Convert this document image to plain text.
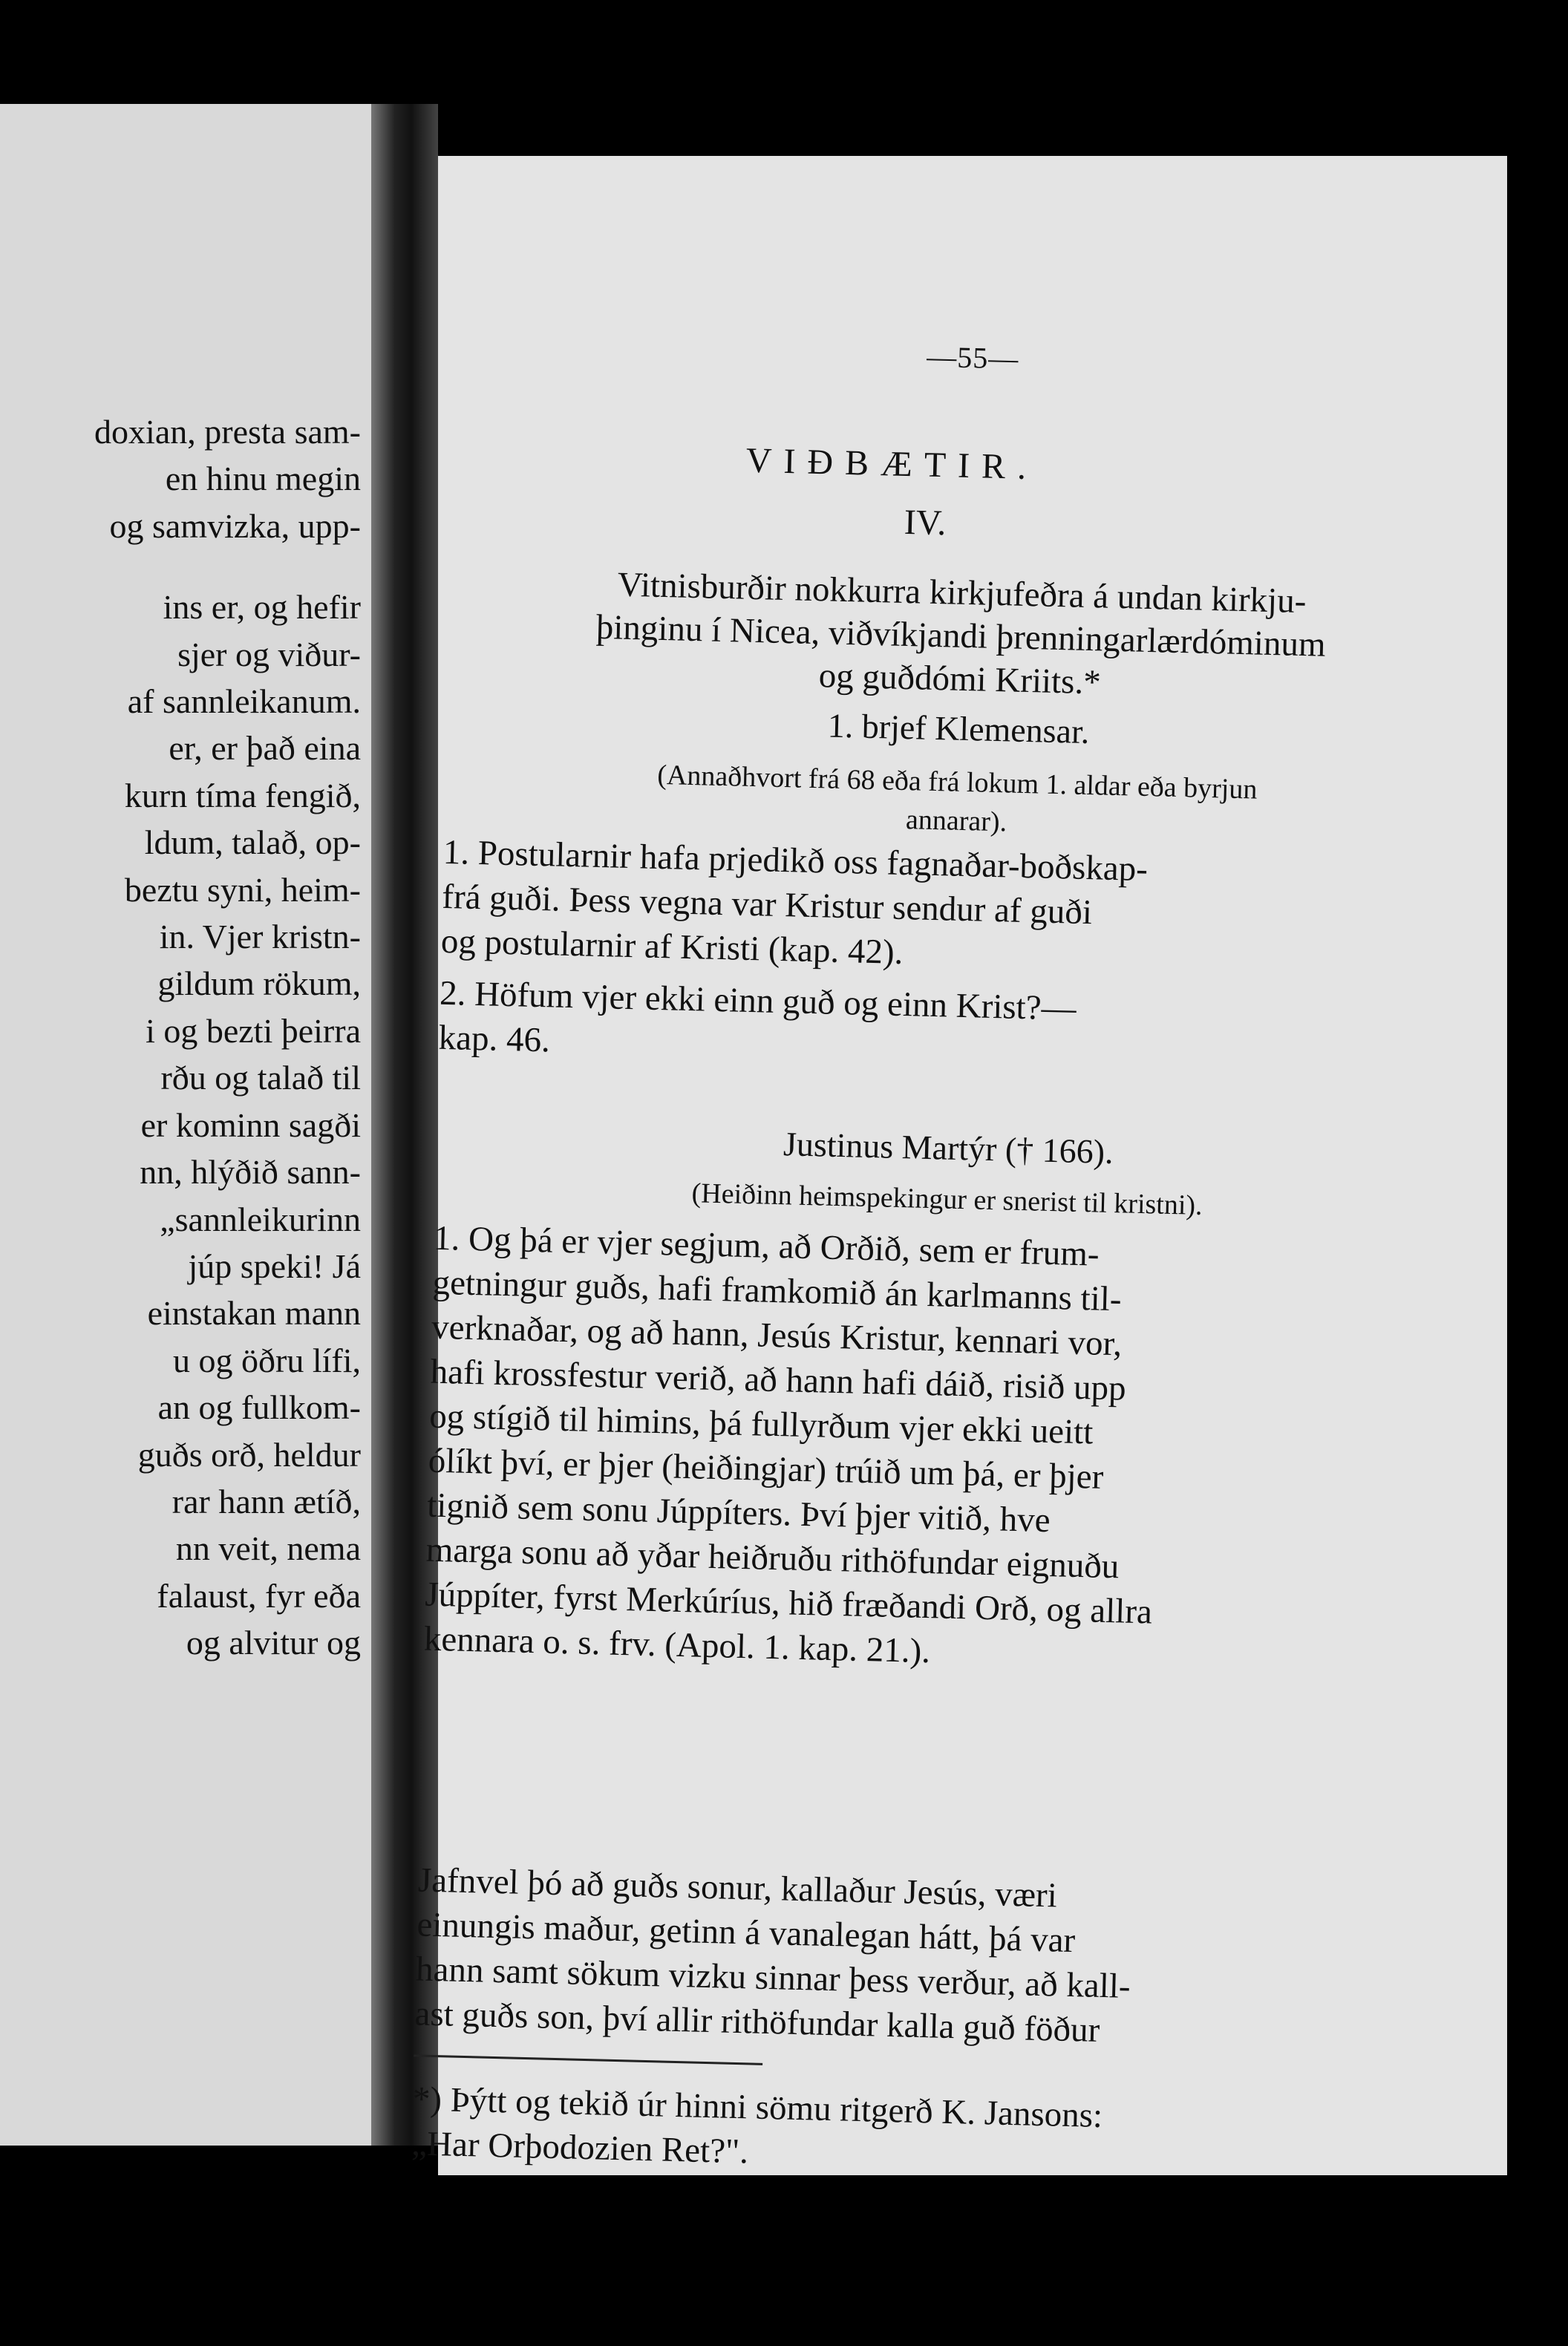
doxian, presta sam-
en hinu megin
og samvizka, upp-
ins er, og hefir
sjer og viður-
af sannleikanum.
er, er það eina
kurn tíma fengið,
ldum, talað, op-
beztu syni, heim-
in. Vjer kristn-
gildum rökum,
i og bezti þeirra
rðu og talað til
er kominn sagði
nn, hlýðið sann-
„sannleikurinn
júp speki! Já
einstakan mann
u og öðru lífi,
an og fullkom-
guðs orð, heldur
rar hann ætíð,
nn veit, nema
falaust, fyr eða
og alvitur og
—55—
VIÐBÆTIR.
IV.
Vitnisburðir nokkurra kirkjufeðra á undan kirkju-
þinginu í Nicea, viðvíkjandi þrenningarlærdóminum
og guðdómi Kriits.*
1. brjef Klemensar.
(Annaðhvort frá 68 eða frá lokum 1. aldar eða byrjun
annarar).
1. Postularnir hafa prjedikð oss fagnaðar-boðskap-
frá guði. Þess vegna var Kristur sendur af guði
og postularnir af Kristi (kap. 42).
2. Höfum vjer ekki einn guð og einn Krist?—
kap. 46.
Justinus Martýr († 166).
(Heiðinn heimspekingur er snerist til kristni).
1. Og þá er vjer segjum, að Orðið, sem er frum-
getningur guðs, hafi framkomið án karlmanns til-
verknaðar, og að hann, Jesús Kristur, kennari vor,
hafi krossfestur verið, að hann hafi dáið, risið upp
og stígið til himins, þá fullyrðum vjer ekki ueitt
ólíkt því, er þjer (heiðingjar) trúið um þá, er þjer
tignið sem sonu Júppíters. Því þjer vitið, hve
marga sonu að yðar heiðruðu rithöfundar eignuðu
Júppíter, fyrst Merkúríus, hið fræðandi Orð, og allra
kennara o. s. frv. (Apol. 1. kap. 21.).
Jafnvel þó að guðs sonur, kallaður Jesús, væri
einungis maður, getinn á vanalegan hátt, þá var
hann samt sökum vizku sinnar þess verður, að kall-
ast guðs son, því allir rithöfundar kalla guð föður
*) Þýtt og tekið úr hinni sömu ritgerð K. Jansons:
„Har Orþodozien Ret?".
